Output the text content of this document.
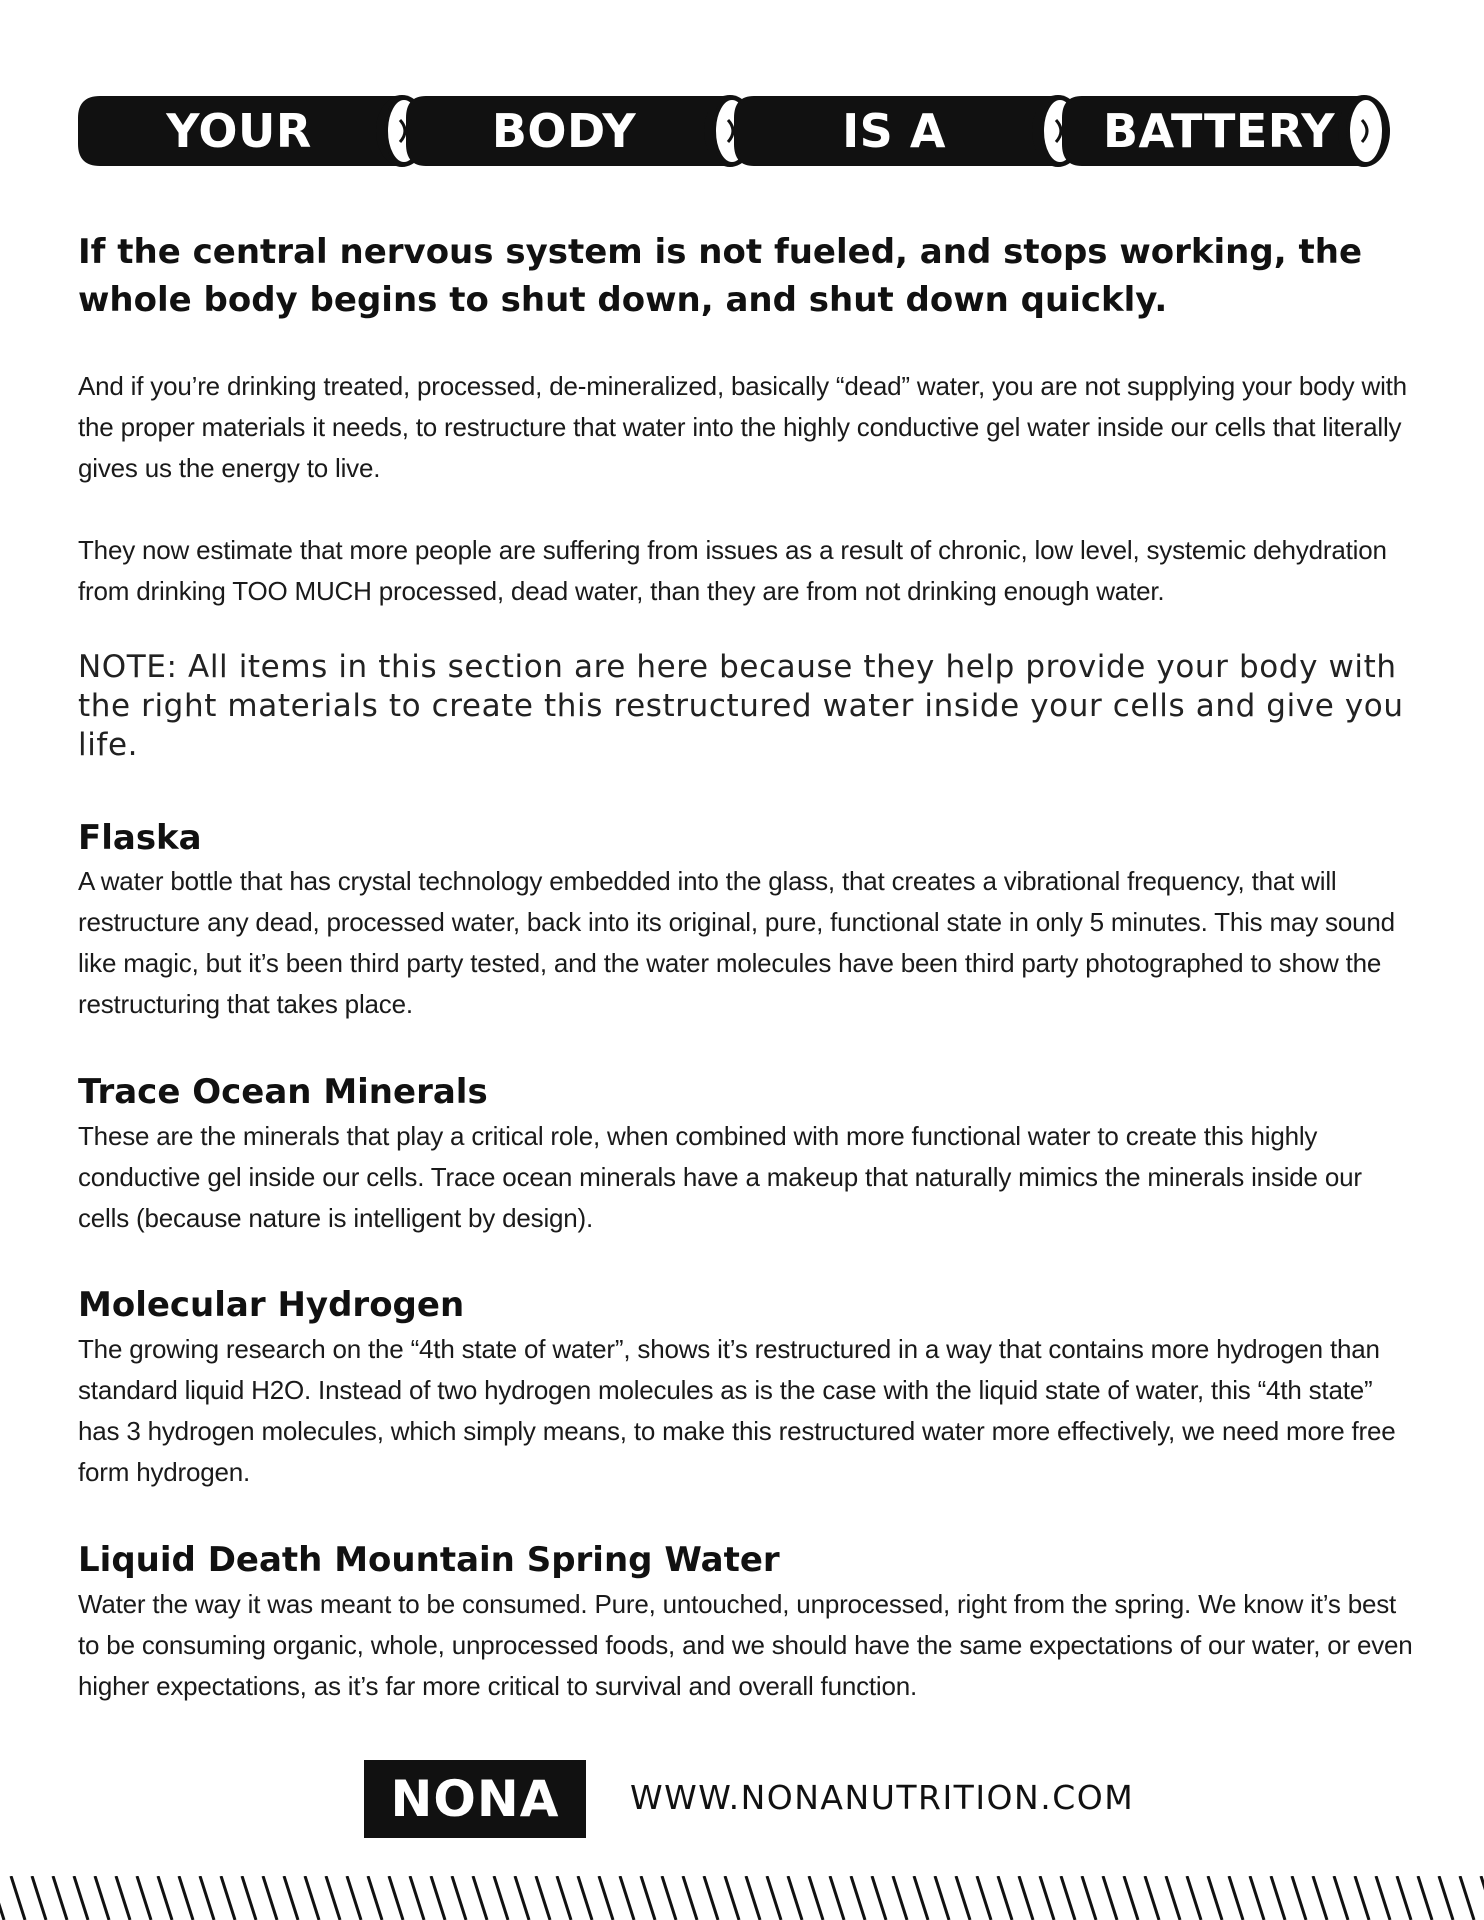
YOUR	BODY	IS A	BATTERY

If the central nervous system is not fueled, and stops working, the whole body begins to shut down, and shut down quickly.

And if you’re drinking treated, processed, de-mineralized, basically “dead” water, you are not supplying your body with the proper materials it needs, to restructure that water into the highly conductive gel water inside our cells that literally gives us the energy to live.

They now estimate that more people are suffering from issues as a result of chronic, low level, systemic dehydration from drinking TOO MUCH processed, dead water, than they are from not drinking enough water.

NOTE: All items in this section are here because they help provide your body with the right materials to create this restructured water inside your cells and give you life.

Flaska

A water bottle that has crystal technology embedded into the glass, that creates a vibrational frequency, that will restructure any dead, processed water, back into its original, pure, functional state in only 5 minutes. This may sound like magic, but it’s been third party tested, and the water molecules have been third party photographed to show the restructuring that takes place.

Trace Ocean Minerals

These are the minerals that play a critical role, when combined with more functional water to create this highly conductive gel inside our cells. Trace ocean minerals have a makeup that naturally mimics the minerals inside our cells (because nature is intelligent by design).

Molecular Hydrogen

The growing research on the “4th state of water”, shows it’s restructured in a way that contains more hydrogen than standard liquid H2O. Instead of two hydrogen molecules as is the case with the liquid state of water, this “4th state” has 3 hydrogen molecules, which simply means, to make this restructured water more effectively, we need more free form hydrogen.

Liquid Death Mountain Spring Water

Water the way it was meant to be consumed. Pure, untouched, unprocessed, right from the spring. We know it’s best to be consuming organic, whole, unprocessed foods, and we should have the same expectations of our water, or even higher expectations, as it’s far more critical to survival and overall function.

NONA	WWW.NONANUTRITION.COM
